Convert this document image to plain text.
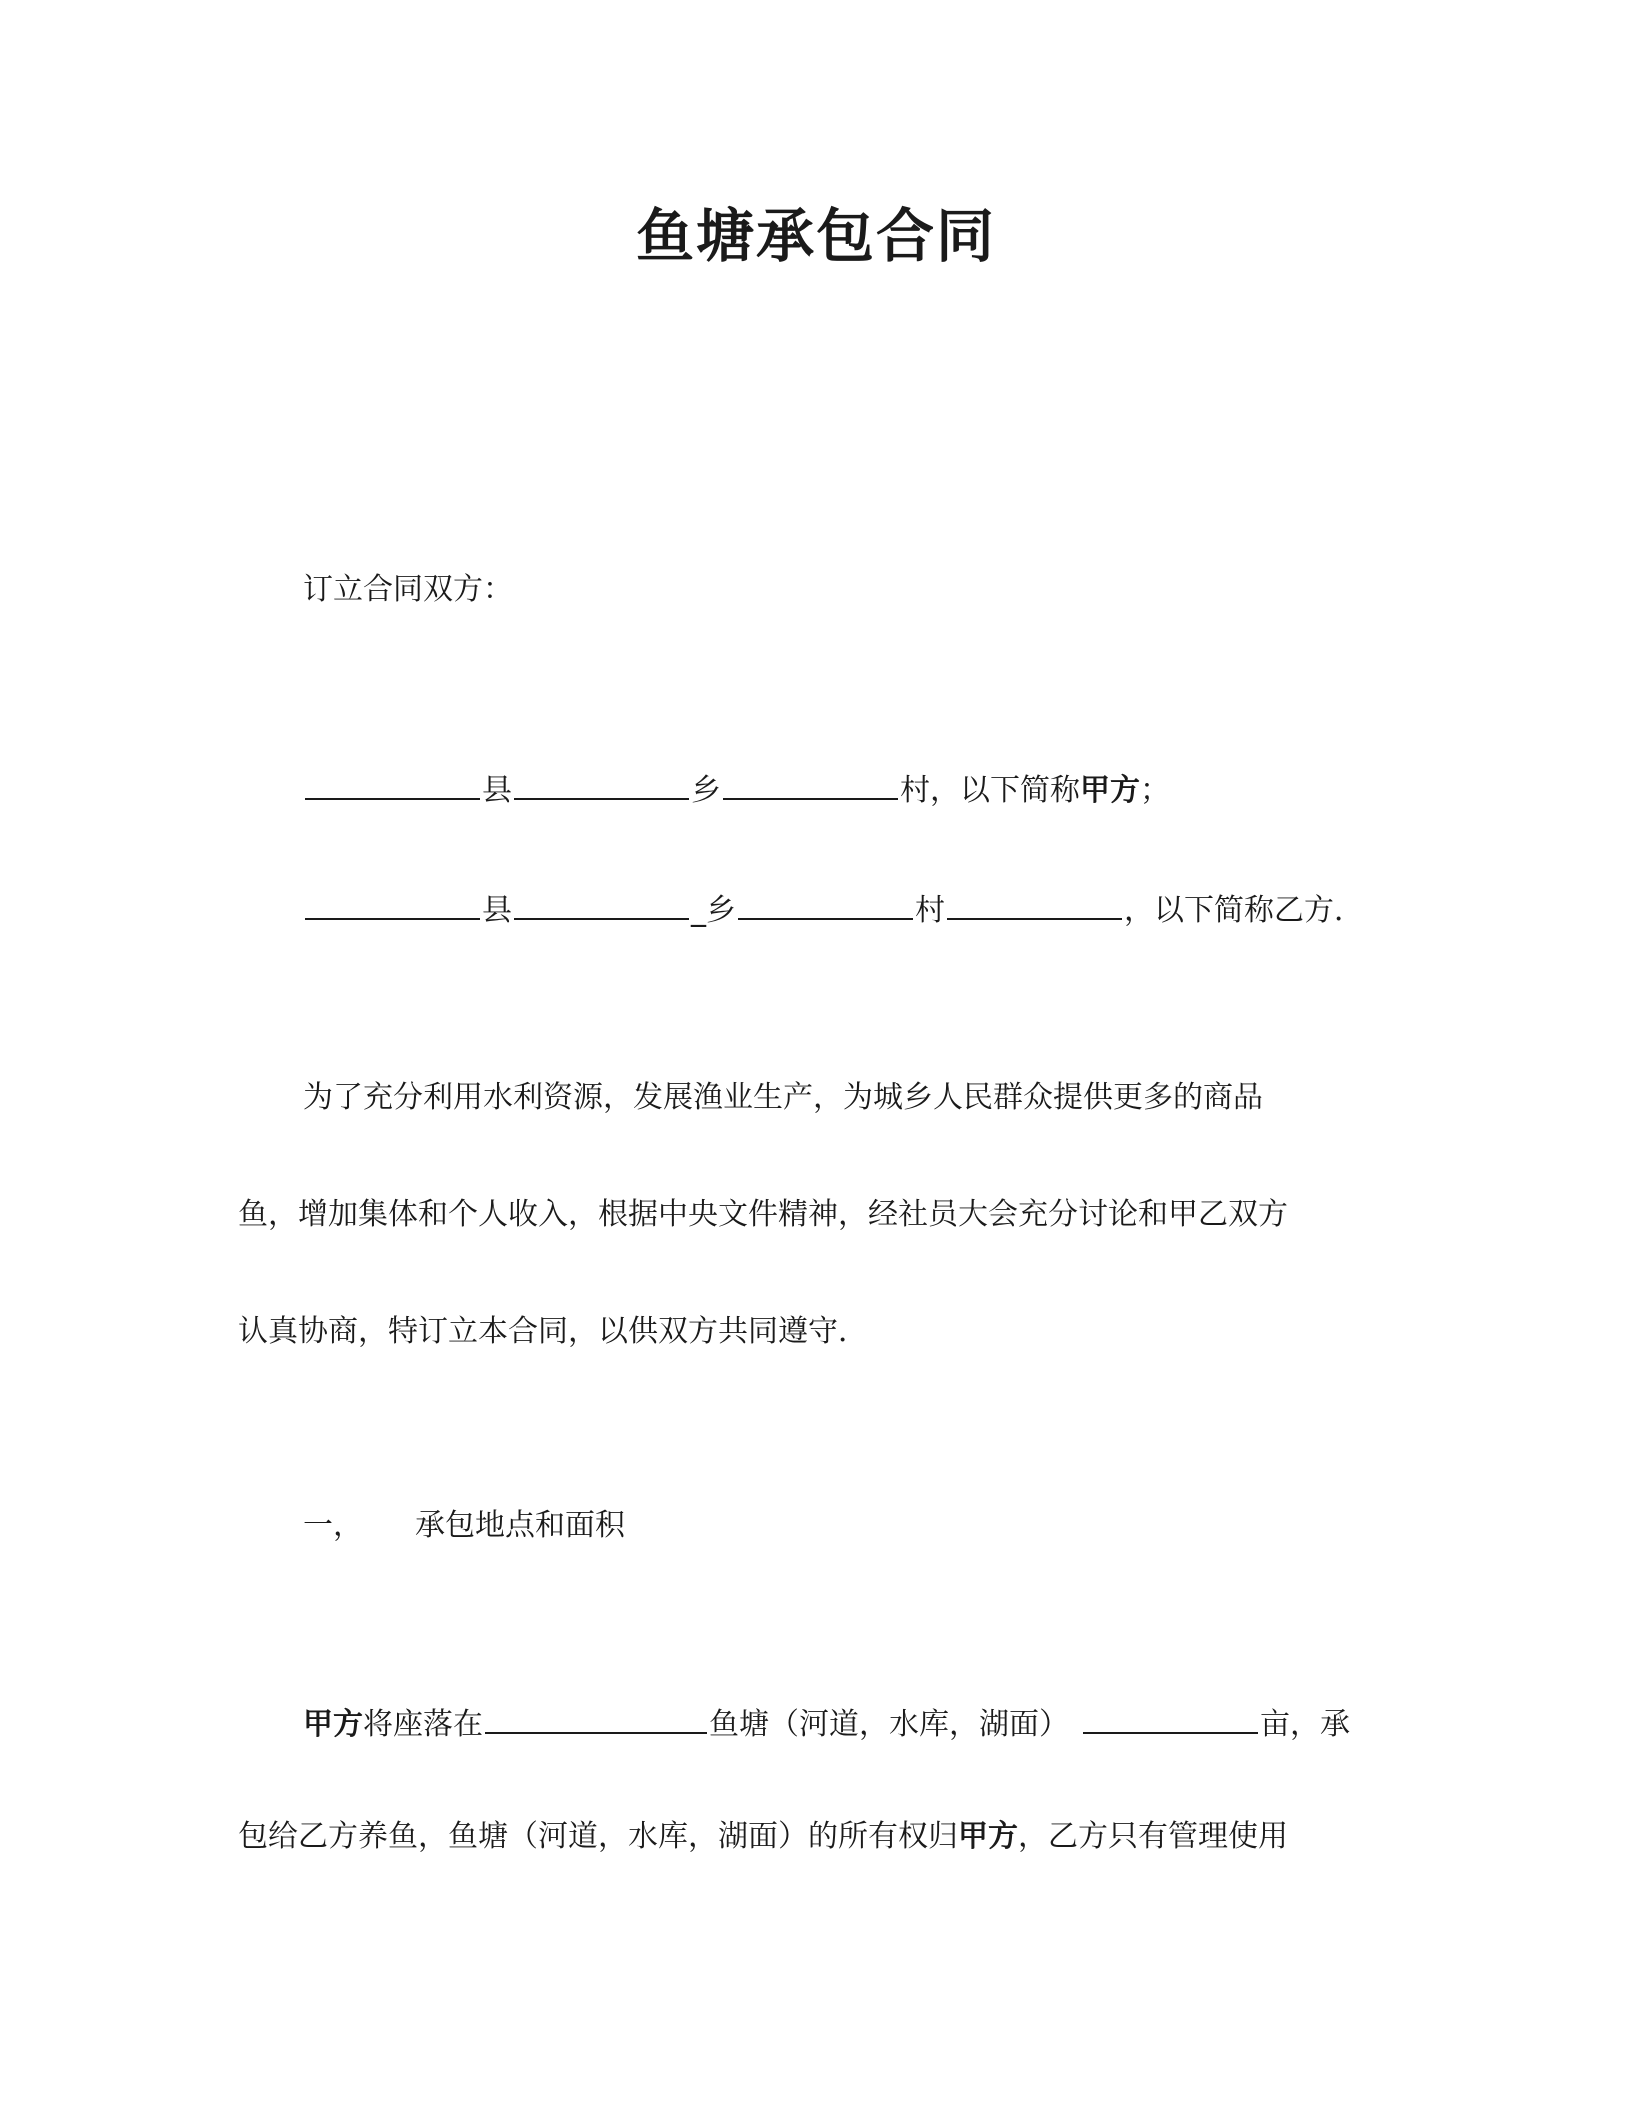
鱼塘承包合同
订立合同双方：
县	乡	村，以下简称甲方；
县	_乡	村	，以下简称乙方．
为了充分利用水利资源，发展渔业生产，为城乡人民群众提供更多的商品
鱼，增加集体和个人收入，根据中央文件精神，经社员大会充分讨论和甲乙双方
认真协商，特订立本合同，以供双方共同遵守．
一， 承包地点和面积
甲方将座落在	鱼塘（河道，水库，湖面）	亩，承
包给乙方养鱼，鱼塘（河道，水库，湖面）的所有权归甲方，乙方只有管理使用
